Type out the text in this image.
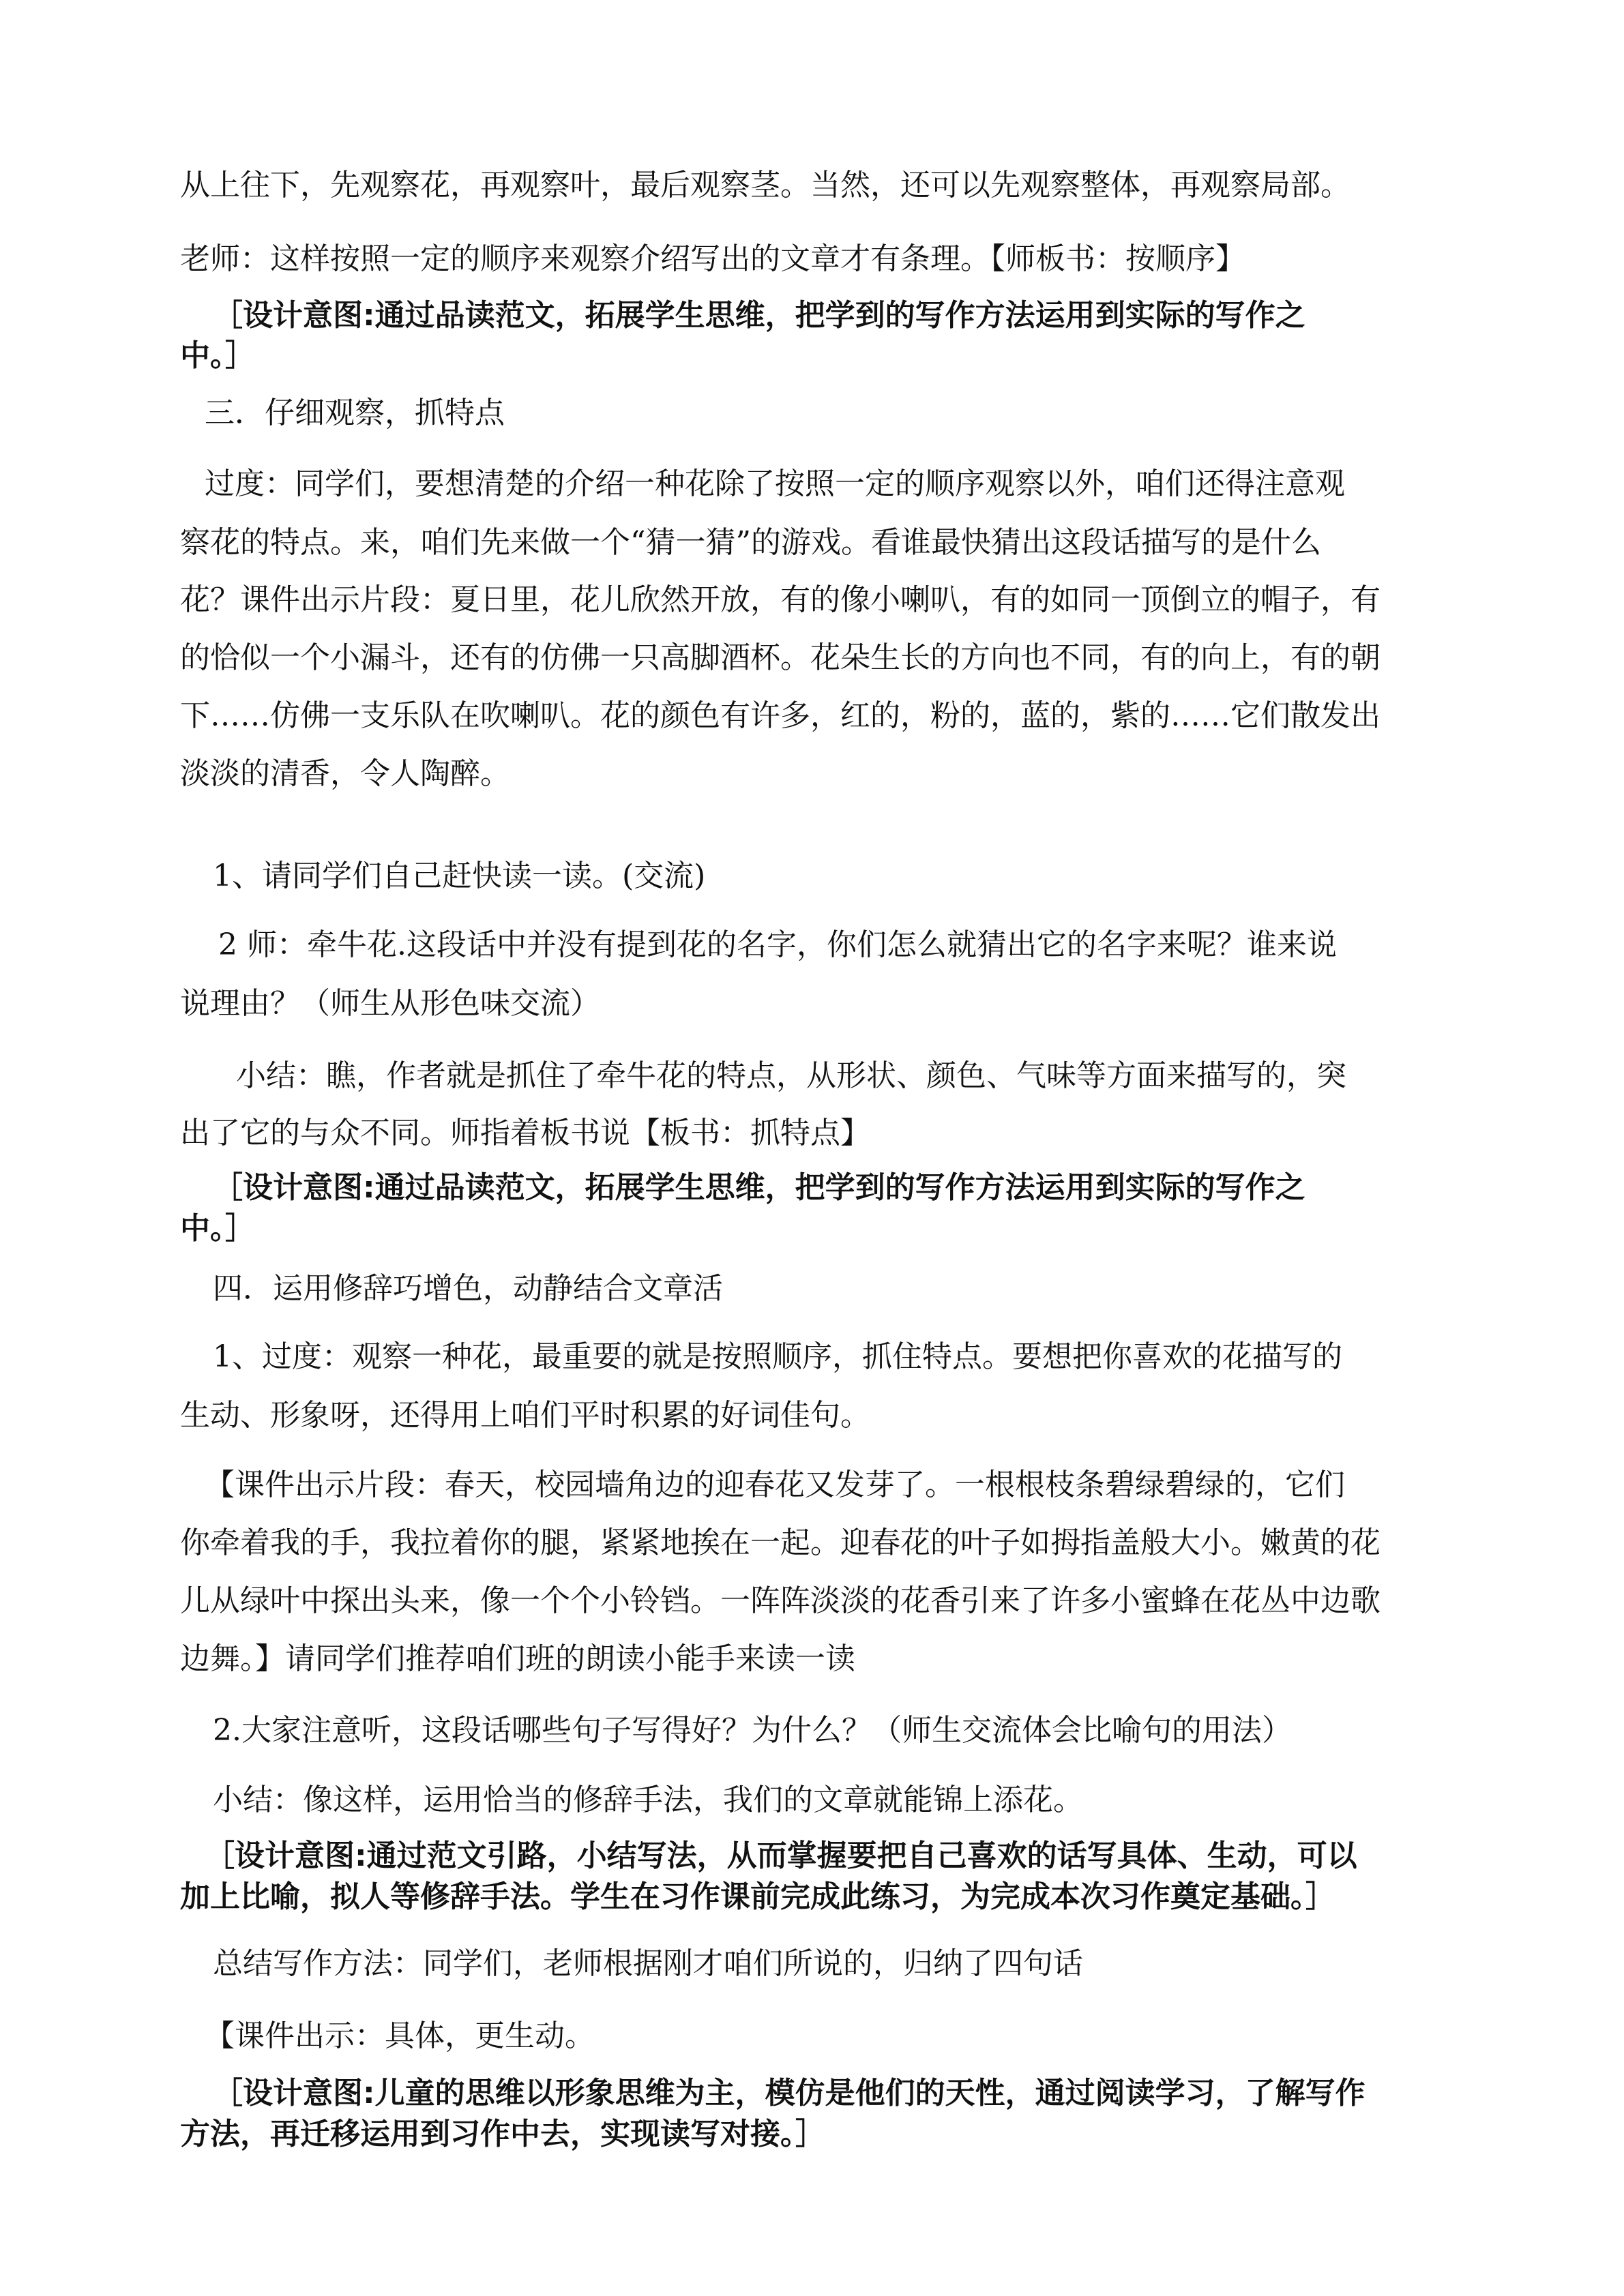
从上往下，先观察花，再观察叶，最后观察茎。当然，还可以先观察整体，再观察局部。

老师：这样按照一定的顺序来观察介绍写出的文章才有条理。【师板书：按顺序】

［设计意图:通过品读范文，拓展学生思维，把学到的写作方法运用到实际的写作之

中。］

三．仔细观察，抓特点

过度：同学们，要想清楚的介绍一种花除了按照一定的顺序观察以外，咱们还得注意观

察花的特点。来，咱们先来做一个“猜一猜”的游戏。看谁最快猜出这段话描写的是什么

花？课件出示片段：夏日里，花儿欣然开放，有的像小喇叭，有的如同一顶倒立的帽子，有

的恰似一个小漏斗，还有的仿佛一只高脚酒杯。花朵生长的方向也不同，有的向上，有的朝

下……仿佛一支乐队在吹喇叭。花的颜色有许多，红的，粉的，蓝的，紫的……它们散发出

淡淡的清香，令人陶醉。

1、请同学们自己赶快读一读。(交流)

2 师：牵牛花.这段话中并没有提到花的名字，你们怎么就猜出它的名字来呢？谁来说

说理由？（师生从形色味交流）

小结：瞧，作者就是抓住了牵牛花的特点，从形状、颜色、气味等方面来描写的，突

出了它的与众不同。师指着板书说【板书：抓特点】

［设计意图:通过品读范文，拓展学生思维，把学到的写作方法运用到实际的写作之

中。］

四．运用修辞巧增色，动静结合文章活

1、过度：观察一种花，最重要的就是按照顺序，抓住特点。要想把你喜欢的花描写的

生动、形象呀，还得用上咱们平时积累的好词佳句。

【课件出示片段：春天，校园墙角边的迎春花又发芽了。一根根枝条碧绿碧绿的，它们

你牵着我的手，我拉着你的腿，紧紧地挨在一起。迎春花的叶子如拇指盖般大小。嫩黄的花

儿从绿叶中探出头来，像一个个小铃铛。一阵阵淡淡的花香引来了许多小蜜蜂在花丛中边歌

边舞。】请同学们推荐咱们班的朗读小能手来读一读

2.大家注意听，这段话哪些句子写得好？为什么？（师生交流体会比喻句的用法）

小结：像这样，运用恰当的修辞手法，我们的文章就能锦上添花。

［设计意图:通过范文引路，小结写法，从而掌握要把自己喜欢的话写具体、生动，可以

加上比喻，拟人等修辞手法。学生在习作课前完成此练习，为完成本次习作奠定基础。］

总结写作方法：同学们，老师根据刚才咱们所说的，归纳了四句话

【课件出示：具体，更生动。

［设计意图:儿童的思维以形象思维为主，模仿是他们的天性，通过阅读学习，了解写作

方法，再迁移运用到习作中去，实现读写对接。］
